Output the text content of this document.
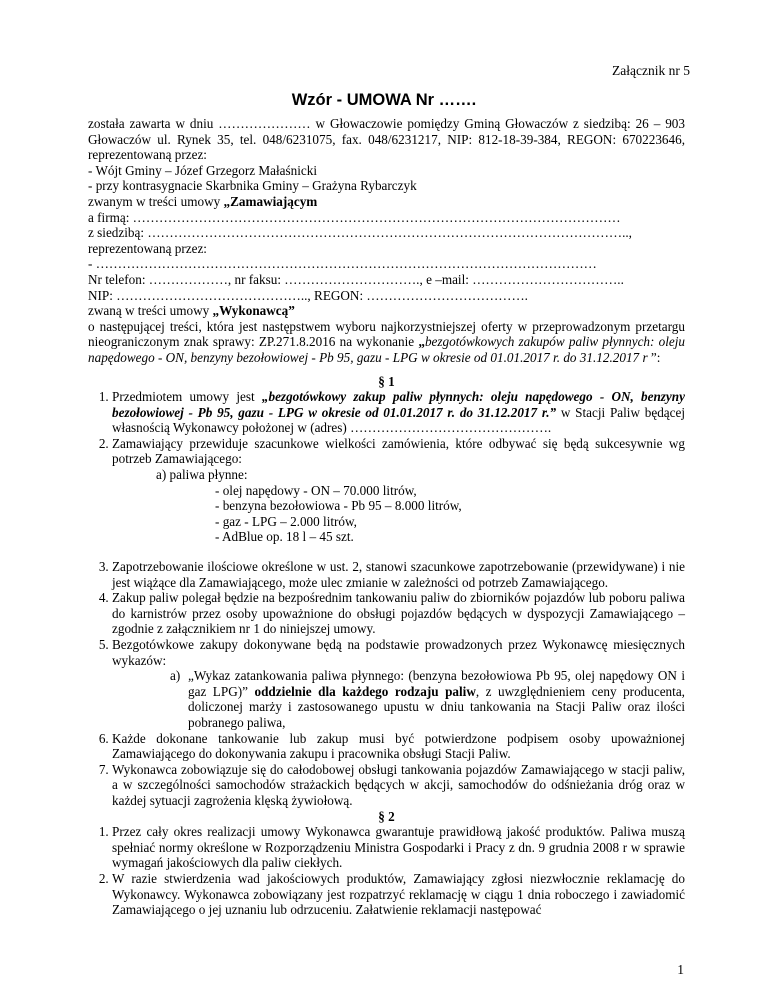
Załącznik nr 5
Wzór - UMOWA Nr …….

została zawarta w dniu ………………… w Głowaczowie pomiędzy Gminą Głowaczów z siedzibą: 26 – 903 Głowaczów ul. Rynek 35, tel. 048/6231075, fax. 048/6231217, NIP: 812-18-39-384, REGON: 670223646, reprezentowaną przez:

- Wójt Gminy – Józef Grzegorz Małaśnicki

- przy kontrasygnacie Skarbnika Gminy – Grażyna Rybarczyk

zwanym w treści umowy „Zamawiającym

a firmą: …………………………………………………………………………………………………

z siedzibą: ………………………………………………………………………………………………..,

reprezentowaną przez:

- ……………………………………………………………………………………………………

Nr telefon: ………………, nr faksu: …………………………., e –mail: ……………………………..

NIP: …………………………………….., REGON: ……………………………….

zwaną w treści umowy „Wykonawcą”

o następującej treści, która jest następstwem wyboru najkorzystniejszej oferty w przeprowadzonym przetargu nieograniczonym znak sprawy: ZP.271.8.2016 na wykonanie „bezgotówkowych zakupów paliw płynnych: oleju napędowego - ON, benzyny bezołowiowej - Pb 95, gazu - LPG w okresie od 01.01.2017 r. do 31.12.2017 r ”:

§ 1

1. Przedmiotem umowy jest „bezgotówkowy zakup paliw płynnych: oleju napędowego - ON, benzyny bezołowiowej - Pb 95, gazu - LPG w okresie od 01.01.2017 r. do 31.12.2017 r.” w Stacji Paliw będącej własnością Wykonawcy położonej w (adres) ……………………………………….
2. Zamawiający przewiduje szacunkowe wielkości zamówienia, które odbywać się będą sukcesywnie wg potrzeb Zamawiającego:
a) paliwa płynne:
- olej napędowy - ON – 70.000 litrów,
- benzyna bezołowiowa - Pb 95 – 8.000 litrów,
- gaz - LPG – 2.000 litrów,
- AdBlue op. 18 l – 45 szt.
3. Zapotrzebowanie ilościowe określone w ust. 2, stanowi szacunkowe zapotrzebowanie (przewidywane) i nie jest wiążące dla Zamawiającego, może ulec zmianie w zależności od potrzeb Zamawiającego.
4. Zakup paliw polegał będzie na bezpośrednim tankowaniu paliw do zbiorników pojazdów lub poboru paliwa do karnistrów przez osoby upoważnione do obsługi pojazdów będących w dyspozycji Zamawiającego – zgodnie z załącznikiem nr 1 do niniejszej umowy.
5. Bezgotówkowe zakupy dokonywane będą na podstawie prowadzonych przez Wykonawcę miesięcznych wykazów:
a) „Wykaz zatankowania paliwa płynnego: (benzyna bezołowiowa Pb 95, olej napędowy ON i gaz LPG)” oddzielnie dla każdego rodzaju paliw, z uwzględnieniem ceny producenta, doliczonej marży i zastosowanego upustu w dniu tankowania na Stacji Paliw oraz ilości pobranego paliwa,
6. Każde dokonane tankowanie lub zakup musi być potwierdzone podpisem osoby upoważnionej Zamawiającego do dokonywania zakupu i pracownika obsługi Stacji Paliw.
7. Wykonawca zobowiązuje się do całodobowej obsługi tankowania pojazdów Zamawiającego w stacji paliw, a w szczególności samochodów strażackich będących w akcji, samochodów do odśnieżania dróg oraz w każdej sytuacji zagrożenia klęską żywiołową.

§ 2

1. Przez cały okres realizacji umowy Wykonawca gwarantuje prawidłową jakość produktów. Paliwa muszą spełniać normy określone w Rozporządzeniu Ministra Gospodarki i Pracy z dn. 9 grudnia 2008 r w sprawie wymagań jakościowych dla paliw ciekłych.
2. W razie stwierdzenia wad jakościowych produktów, Zamawiający zgłosi niezwłocznie reklamację do Wykonawcy. Wykonawca zobowiązany jest rozpatrzyć reklamację w ciągu 1 dnia roboczego i zawiadomić Zamawiającego o jej uznaniu lub odrzuceniu. Załatwienie reklamacji następować
1
